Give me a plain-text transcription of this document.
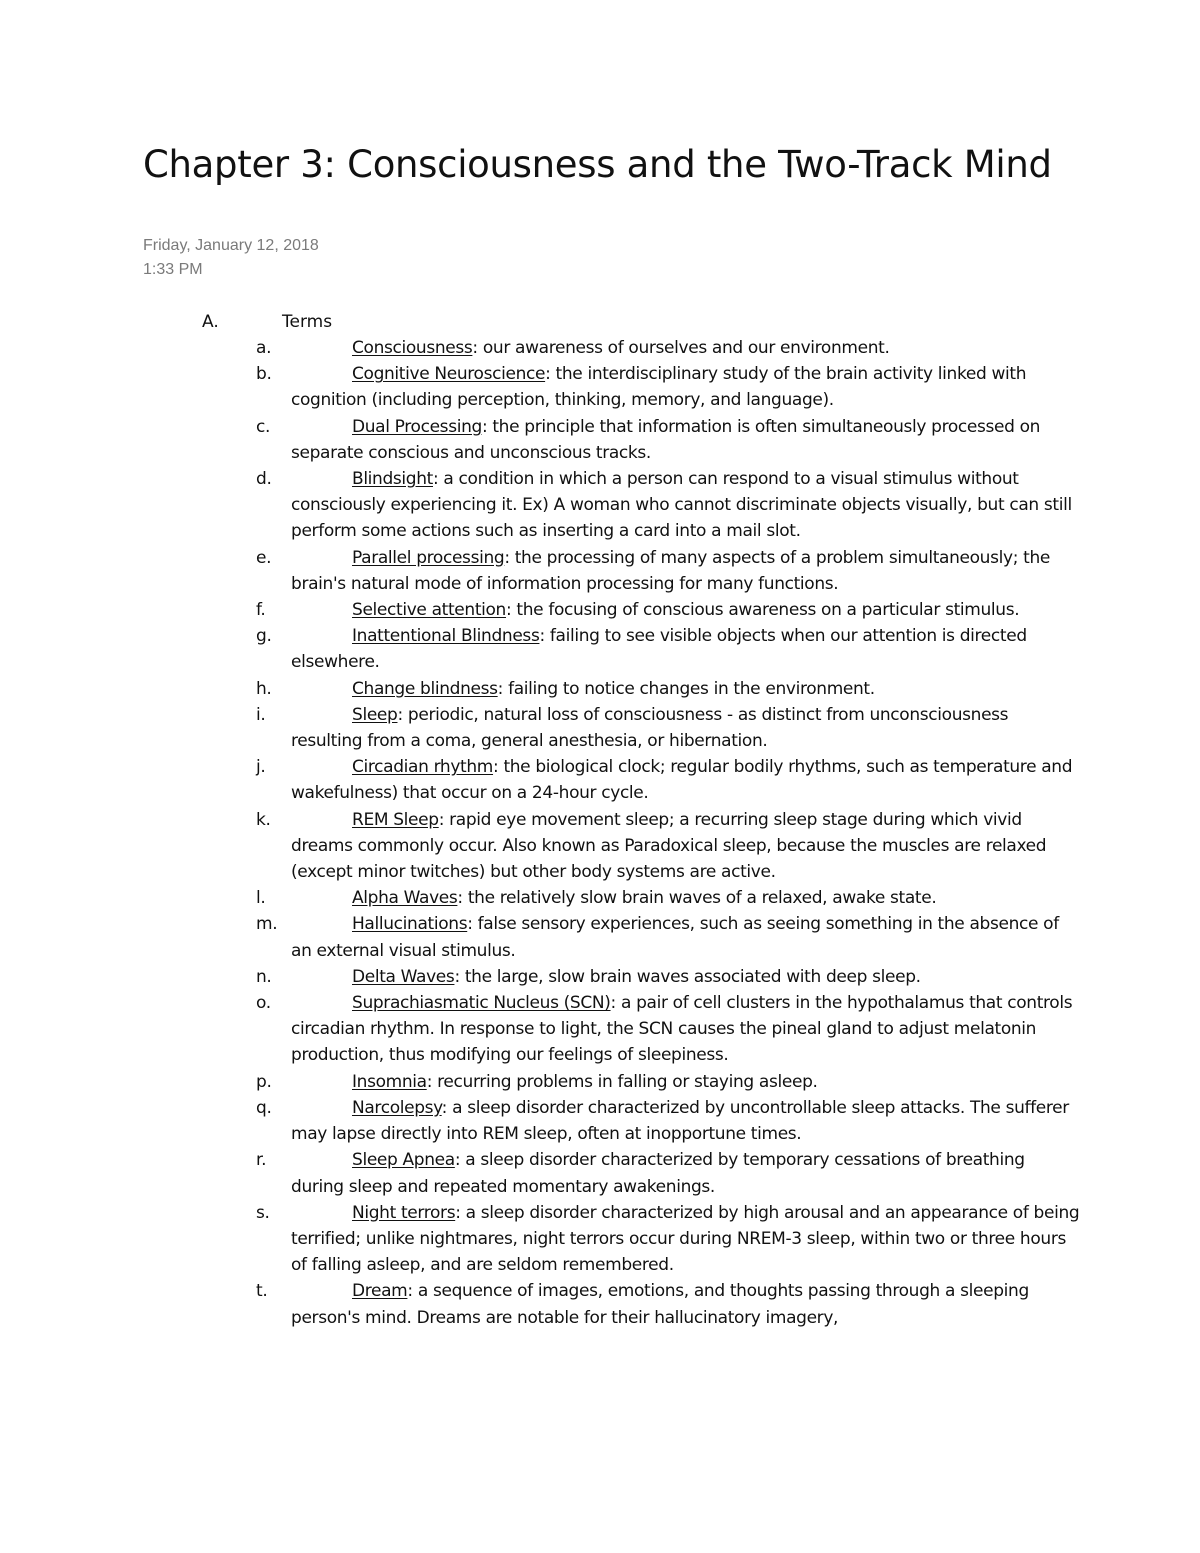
Chapter 3: Consciousness and the Two-Track Mind
Friday, January 12, 2018
1:33 PM
A.	Terms
a.	Consciousness: our awareness of ourselves and our environment.
b.	Cognitive Neuroscience: the interdisciplinary study of the brain activity linked with cognition (including perception, thinking, memory, and language).
c.	Dual Processing: the principle that information is often simultaneously processed on separate conscious and unconscious tracks.
d.	Blindsight: a condition in which a person can respond to a visual stimulus without consciously experiencing it. Ex) A woman who cannot discriminate objects visually, but can still perform some actions such as inserting a card into a mail slot.
e.	Parallel processing: the processing of many aspects of a problem simultaneously; the brain's natural mode of information processing for many functions.
f.	Selective attention: the focusing of conscious awareness on a particular stimulus.
g.	Inattentional Blindness: failing to see visible objects when our attention is directed elsewhere.
h.	Change blindness: failing to notice changes in the environment.
i.	Sleep: periodic, natural loss of consciousness - as distinct from unconsciousness resulting from a coma, general anesthesia, or hibernation.
j.	Circadian rhythm: the biological clock; regular bodily rhythms, such as temperature and wakefulness) that occur on a 24-hour cycle.
k.	REM Sleep: rapid eye movement sleep; a recurring sleep stage during which vivid dreams commonly occur. Also known as Paradoxical sleep, because the muscles are relaxed (except minor twitches) but other body systems are active.
l.	Alpha Waves: the relatively slow brain waves of a relaxed, awake state.
m.	Hallucinations: false sensory experiences, such as seeing something in the absence of an external visual stimulus.
n.	Delta Waves: the large, slow brain waves associated with deep sleep.
o.	Suprachiasmatic Nucleus (SCN): a pair of cell clusters in the hypothalamus that controls circadian rhythm. In response to light, the SCN causes the pineal gland to adjust melatonin production, thus modifying our feelings of sleepiness.
p.	Insomnia: recurring problems in falling or staying asleep.
q.	Narcolepsy: a sleep disorder characterized by uncontrollable sleep attacks. The sufferer may lapse directly into REM sleep, often at inopportune times.
r.	Sleep Apnea: a sleep disorder characterized by temporary cessations of breathing during sleep and repeated momentary awakenings.
s.	Night terrors: a sleep disorder characterized by high arousal and an appearance of being terrified; unlike nightmares, night terrors occur during NREM-3 sleep, within two or three hours of falling asleep, and are seldom remembered.
t.	Dream: a sequence of images, emotions, and thoughts passing through a sleeping person's mind. Dreams are notable for their hallucinatory imagery,
